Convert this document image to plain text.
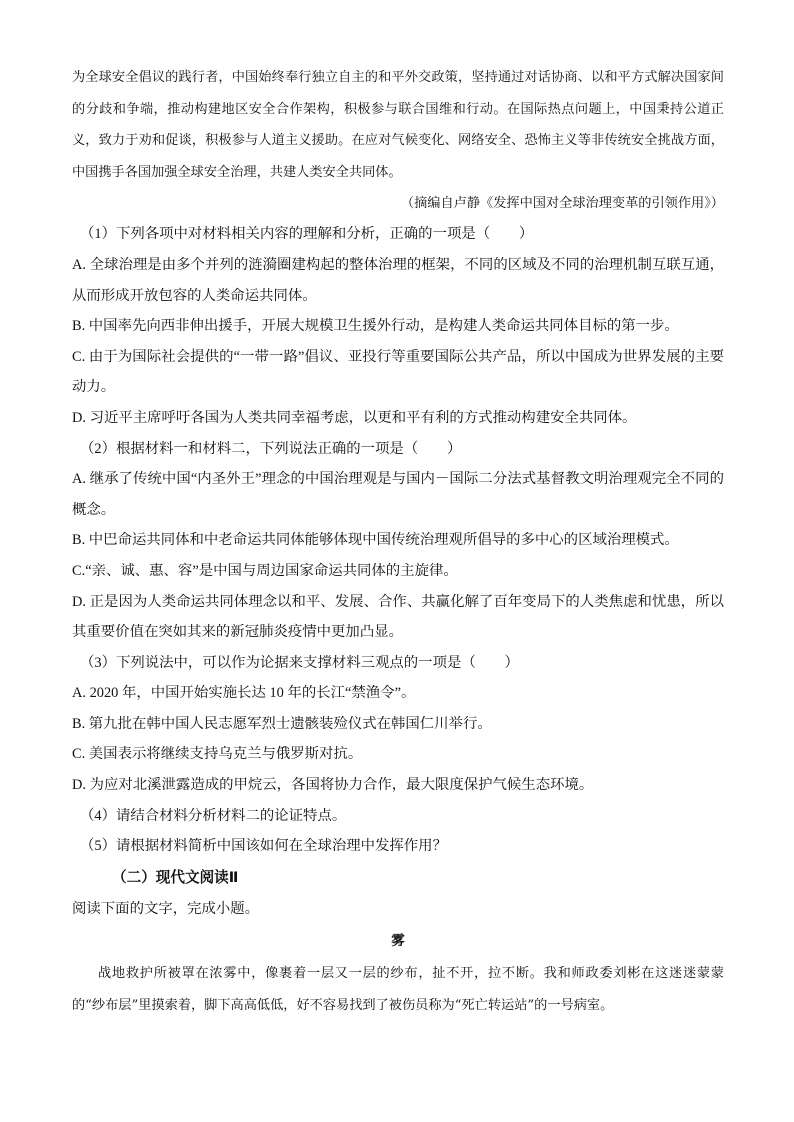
为全球安全倡议的践行者，中国始终奉行独立自主的和平外交政策，坚持通过对话协商、以和平方式解决国家间的分歧和争端，推动构建地区安全合作架构，积极参与联合国维和行动。在国际热点问题上，中国秉持公道正义，致力于劝和促谈，积极参与人道主义援助。在应对气候变化、网络安全、恐怖主义等非传统安全挑战方面，中国携手各国加强全球安全治理，共建人类安全共同体。

（摘编自卢静《发挥中国对全球治理变革的引领作用》）

（1）下列各项中对材料相关内容的理解和分析，正确的一项是（　　）

A. 全球治理是由多个并列的涟漪圈建构起的整体治理的框架，不同的区域及不同的治理机制互联互通，从而形成开放包容的人类命运共同体。

B. 中国率先向西非伸出援手，开展大规模卫生援外行动，是构建人类命运共同体目标的第一步。

C. 由于为国际社会提供的“一带一路”倡议、亚投行等重要国际公共产品，所以中国成为世界发展的主要动力。

D. 习近平主席呼吁各国为人类共同幸福考虑，以更和平有利的方式推动构建安全共同体。

（2）根据材料一和材料二，下列说法正确的一项是（　　）

A. 继承了传统中国“内圣外王”理念的中国治理观是与国内－国际二分法式基督教文明治理观完全不同的概念。

B. 中巴命运共同体和中老命运共同体能够体现中国传统治理观所倡导的多中心的区域治理模式。

C.“亲、诚、惠、容”是中国与周边国家命运共同体的主旋律。

D. 正是因为人类命运共同体理念以和平、发展、合作、共赢化解了百年变局下的人类焦虑和忧患，所以其重要价值在突如其来的新冠肺炎疫情中更加凸显。

（3）下列说法中，可以作为论据来支撑材料三观点的一项是（　　）

A. 2020 年，中国开始实施长达 10 年的长江“禁渔令”。

B. 第九批在韩中国人民志愿军烈士遗骸装殓仪式在韩国仁川举行。

C. 美国表示将继续支持乌克兰与俄罗斯对抗。

D. 为应对北溪泄露造成的甲烷云，各国将协力合作，最大限度保护气候生态环境。

（4）请结合材料分析材料二的论证特点。

（5）请根据材料简析中国该如何在全球治理中发挥作用？

（二）现代文阅读Ⅱ

阅读下面的文字，完成小题。

雾

战地救护所被罩在浓雾中，像裹着一层又一层的纱布，扯不开，拉不断。我和师政委刘彬在这迷迷蒙蒙的“纱布层”里摸索着，脚下高高低低，好不容易找到了被伤员称为“死亡转运站”的一号病室。
